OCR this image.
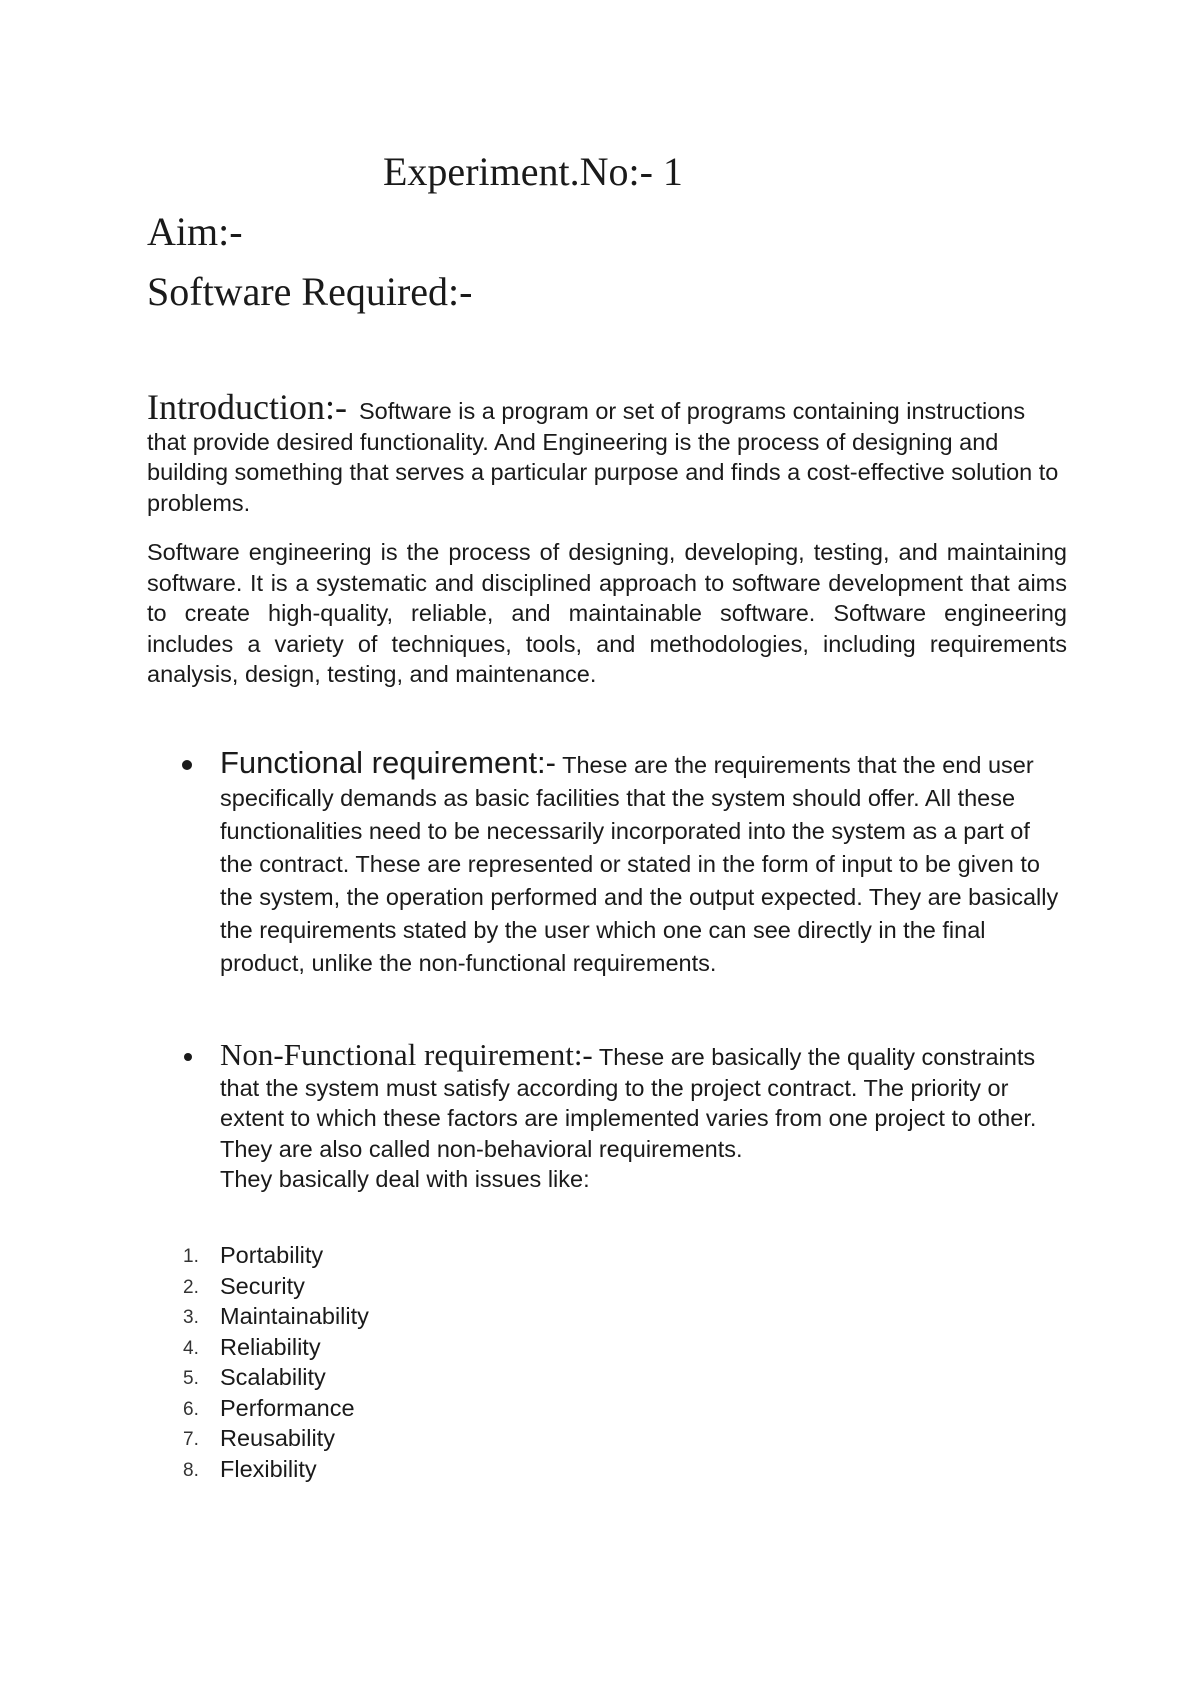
Experiment.No:- 1
Aim:-
Software Required:-

Introduction:- Software is a program or set of programs containing instructions that provide desired functionality. And Engineering is the process of designing and building something that serves a particular purpose and finds a cost-effective solution to problems.

Software engineering is the process of designing, developing, testing, and maintaining software. It is a systematic and disciplined approach to software development that aims to create high-quality, reliable, and maintainable software. Software engineering includes a variety of techniques, tools, and methodologies, including requirements analysis, design, testing, and maintenance.

Functional requirement:- These are the requirements that the end user specifically demands as basic facilities that the system should offer. All these functionalities need to be necessarily incorporated into the system as a part of the contract. These are represented or stated in the form of input to be given to the system, the operation performed and the output expected. They are basically the requirements stated by the user which one can see directly in the final product, unlike the non-functional requirements.
Non-Functional requirement:- These are basically the quality constraints that the system must satisfy according to the project contract. The priority or extent to which these factors are implemented varies from one project to other. They are also called non-behavioral requirements.
They basically deal with issues like:
1. Portability
2. Security
3. Maintainability
4. Reliability
5. Scalability
6. Performance
7. Reusability
8. Flexibility
